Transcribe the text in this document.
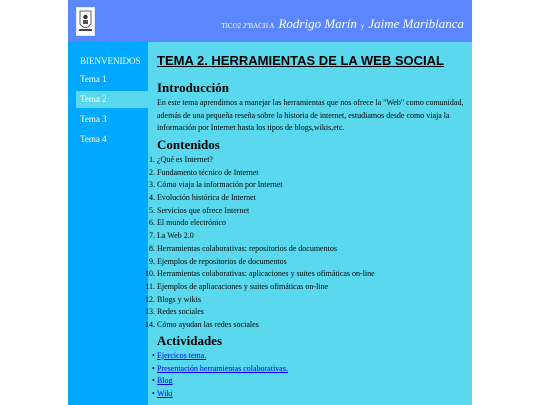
TICO2 2ºBACH A Rodrigo Marín y Jaime Mariblanca
BIENVENIDOS
Tema 1
Tema 2
Tema 3
Tema 4
TEMA 2. HERRAMIENTAS DE LA WEB SOCIAL
Introducción
En este tema aprendimos a manejar las herramientas que nos ofrece la "Web" como comunidad, además de una pequeña reseña sobre la historia de internet, estudiamos desde como viaja la información por Internet hasta los tipos de blogs,wikis,etc.
Contenidos
1. ¿Qué es Internet?
2. Fundamento técnico de Internet
3. Cómo viaja la información por Internet
4. Evolución histórica de Internet
5. Servicios que ofrece Internet
6. El mundo electrónico
7. La Web 2.0
8. Herramientas colaborativas: repositorios de documentos
9. Ejemplos de repositorios de documentos
10. Herramientas colaborativas: aplicaciones y suites ofimáticas on-line
11. Ejemplos de apliacaciones y suites ofimáticas on-line
12. Blogs y wikis
13. Redes sociales
14. Cómo ayudan las redes sociales
Actividades
• Ejercicos tema.
• Presentación herramientas colaborativas.
• Blog
• Wiki
